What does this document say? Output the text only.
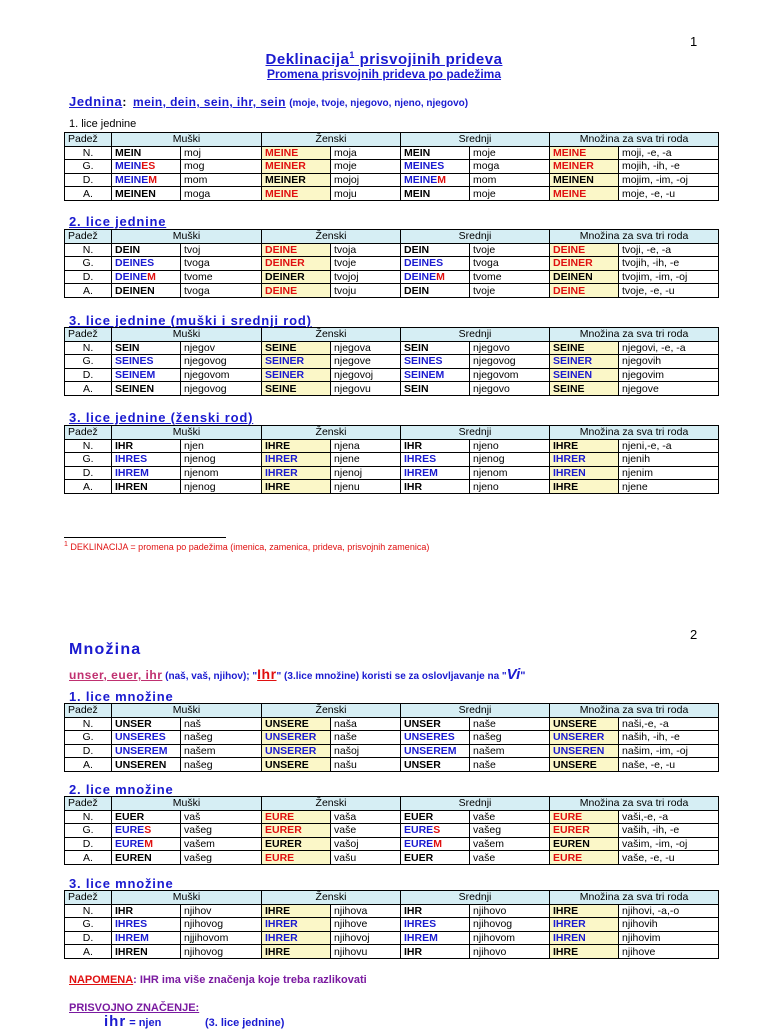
1
Deklinacija$^1$ prisvojinih prideva
Promena prisvojnih prideva po padežima
Jednina: mein, dein, sein, ihr, sein (moje, tvoje, njegovo, njeno, njegovo)
1. lice jednine
Padež	Muški		Ženski		Srednji		Množina za sva tri roda	
N.	MEIN	moj	MEINE	moja	MEIN	moje	MEINE	moji, -e, -a
G.	MEINES	mog	MEINER	moje	MEINES	moga	MEINER	mojih, -ih, -e
D.	MEINEM	mom	MEINER	mojoj	MEINEM	mom	MEINEN	mojim, -im, -oj
A.	MEINEN	moga	MEINE	moju	MEIN	moje	MEINE	moje, -e, -u
2. lice jednine
Padež	Muški		Ženski		Srednji		Množina za sva tri roda	
N.	DEIN	tvoj	DEINE	tvoja	DEIN	tvoje	DEINE	tvoji, -e, -a
G.	DEINES	tvoga	DEINER	tvoje	DEINES	tvoga	DEINER	tvojih, -ih, -e
D.	DEINEM	tvome	DEINER	tvojoj	DEINEM	tvome	DEINEN	tvojim, -im, -oj
A.	DEINEN	tvoga	DEINE	tvoju	DEIN	tvoje	DEINE	tvoje, -e, -u
3. lice jednine (muški i srednji rod)
Padež	Muški		Ženski		Srednji		Množina za sva tri roda	
N.	SEIN	njegov	SEINE	njegova	SEIN	njegovo	SEINE	njegovi, -e, -a
G.	SEINES	njegovog	SEINER	njegove	SEINES	njegovog	SEINER	njegovih
D.	SEINEM	njegovom	SEINER	njegovoj	SEINEM	njegovom	SEINEN	njegovim
A.	SEINEN	njegovog	SEINE	njegovu	SEIN	njegovo	SEINE	njegove
3. lice jednine (ženski rod)
Padež	Muški		Ženski		Srednji		Množina za sva tri roda	
N.	IHR	njen	IHRE	njena	IHR	njeno	IHRE	njeni,-e, -a
G.	IHRES	njenog	IHRER	njene	IHRES	njenog	IHRER	njenih
D.	IHREM	njenom	IHRER	njenoj	IHREM	njenom	IHREN	njenim
A.	IHREN	njenog	IHRE	njenu	IHR	njeno	IHRE	njene
$^1$ DEKLINACIJA = promena po padežima (imenica, zamenica, prideva, prisvojnih zamenica)
2
Množina
unser, euer, ihr (naš, vaš, njihov); "Ihr" (3.lice množine) koristi se za oslovljavanje na "Vi"
1. lice množine
Padež	Muški		Ženski		Srednji		Množina za sva tri roda	
N.	UNSER	naš	UNSERE	naša	UNSER	naše	UNSERE	naši,-e, -a
G.	UNSERES	našeg	UNSERER	naše	UNSERES	našeg	UNSERER	naših, -ih, -e
D.	UNSEREM	našem	UNSERER	našoj	UNSEREM	našem	UNSEREN	našim, -im, -oj
A.	UNSEREN	našeg	UNSERE	našu	UNSER	naše	UNSERE	naše, -e, -u
2. lice množine
Padež	Muški		Ženski		Srednji		Množina za sva tri roda	
N.	EUER	vaš	EURE	vaša	EUER	vaše	EURE	vaši,-e, -a
G.	EURES	vašeg	EURER	vaše	EURES	vašeg	EURER	vaših, -ih, -e
D.	EUREM	vašem	EURER	vašoj	EUREM	vašem	EUREN	vašim, -im, -oj
A.	EUREN	vašeg	EURE	vašu	EUER	vaše	EURE	vaše, -e, -u
3. lice množine
Padež	Muški		Ženski		Srednji		Množina za sva tri roda	
N.	IHR	njihov	IHRE	njihova	IHR	njihovo	IHRE	njihovi, -a,-o
G.	IHRES	njihovog	IHRER	njihove	IHRES	njihovog	IHRER	njihovih
D.	IHREM	njjihovom	IHRER	njihovoj	IHREM	njihovom	IHREN	njihovim
A.	IHREN	njihovog	IHRE	njihovu	IHR	njihovo	IHRE	njihove
NAPOMENA: IHR ima više značenja koje treba razlikovati
PRISVOJNO ZNAČENJE:
ihr = njen	(3. lice jednine)
